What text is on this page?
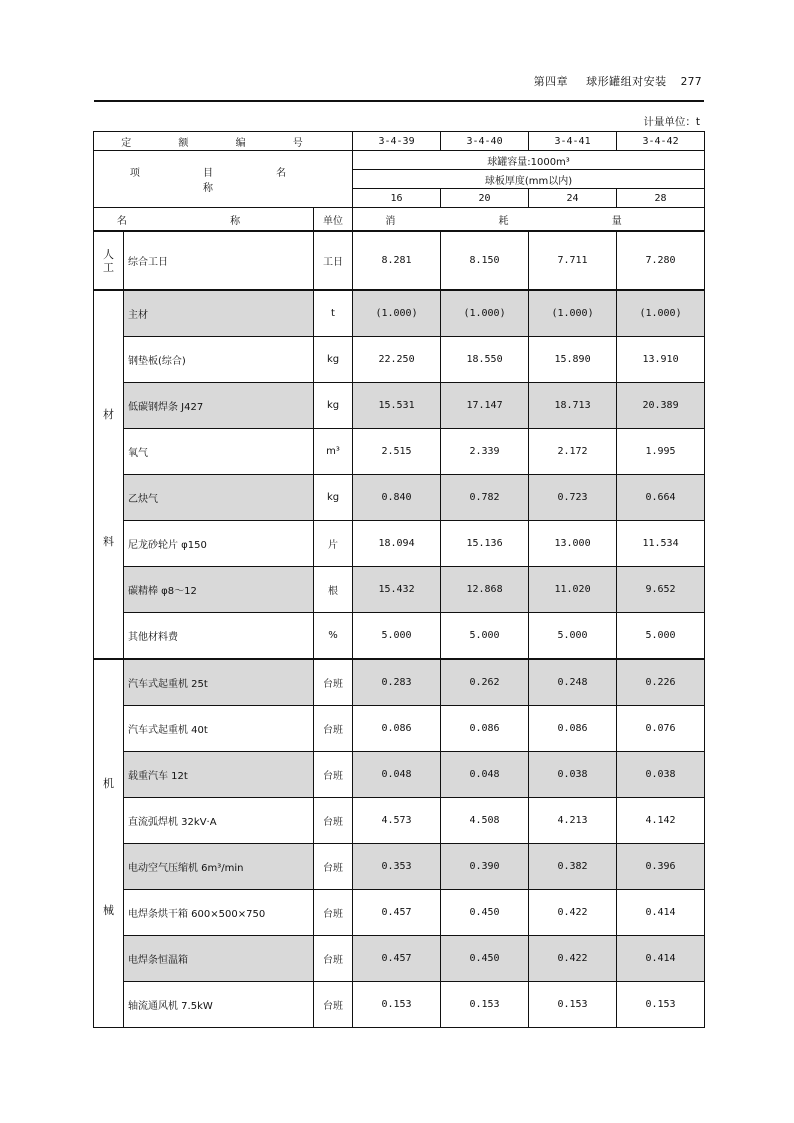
第四章 球形罐组对安装 277
计量单位：t
定 额 编 号			3-4-39	3-4-40	3-4-41	3-4-42
项 目 名 称			球罐容量:1000m³			
			球板厚度(mm以内)			
			16	20	24	28
名 称		单位	消 耗 量			

人工	综合工日	工日	8.281	8.150	7.711	7.280

材
料	主材	t	(1.000)	(1.000)	(1.000)	(1.000)
	钢垫板(综合)	kg	22.250	18.550	15.890	13.910
	低碳钢焊条 J427	kg	15.531	17.147	18.713	20.389
	氧气	m³	2.515	2.339	2.172	1.995
	乙炔气	kg	0.840	0.782	0.723	0.664
	尼龙砂轮片 φ150	片	18.094	15.136	13.000	11.534
	碳精棒 φ8～12	根	15.432	12.868	11.020	9.652
	其他材料费	%	5.000	5.000	5.000	5.000

机
械	汽车式起重机 25t	台班	0.283	0.262	0.248	0.226
	汽车式起重机 40t	台班	0.086	0.086	0.086	0.076
	载重汽车 12t	台班	0.048	0.048	0.038	0.038
	直流弧焊机 32kV·A	台班	4.573	4.508	4.213	4.142
	电动空气压缩机 6m³/min	台班	0.353	0.390	0.382	0.396
	电焊条烘干箱 600×500×750	台班	0.457	0.450	0.422	0.414
	电焊条恒温箱	台班	0.457	0.450	0.422	0.414
	轴流通风机 7.5kW	台班	0.153	0.153	0.153	0.153
